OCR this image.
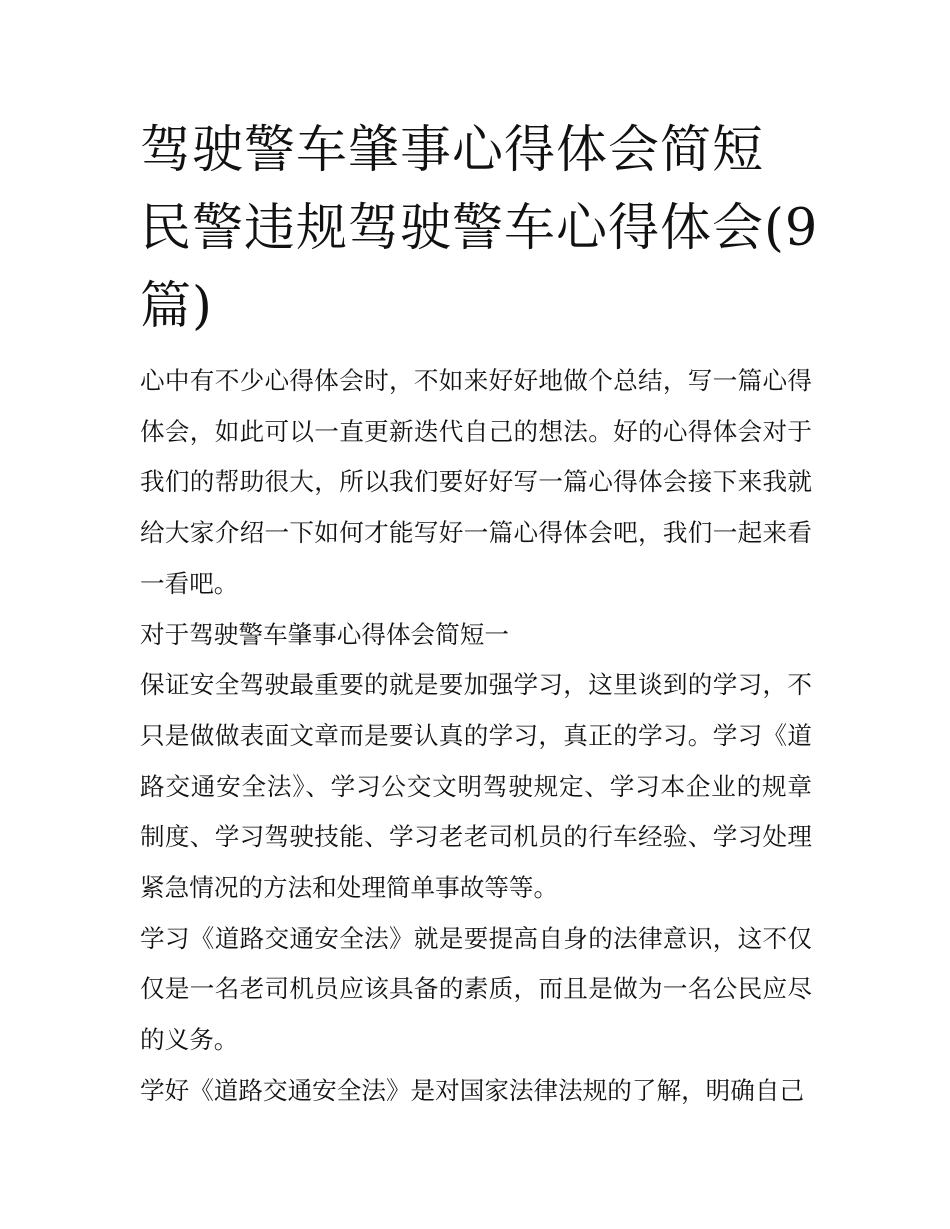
驾驶警车肇事心得体会简短 民警违规驾驶警车心得体会(9篇)

心中有不少心得体会时，不如来好好地做个总结，写一篇心得体会，如此可以一直更新迭代自己的想法。好的心得体会对于我们的帮助很大，所以我们要好好写一篇心得体会接下来我就给大家介绍一下如何才能写好一篇心得体会吧，我们一起来看一看吧。

对于驾驶警车肇事心得体会简短一

保证安全驾驶最重要的就是要加强学习，这里谈到的学习，不只是做做表面文章而是要认真的学习，真正的学习。学习《道路交通安全法》、学习公交文明驾驶规定、学习本企业的规章制度、学习驾驶技能、学习老老司机员的行车经验、学习处理紧急情况的方法和处理简单事故等等。

学习《道路交通安全法》就是要提高自身的法律意识，这不仅仅是一名老司机员应该具备的素质，而且是做为一名公民应尽的义务。

学好《道路交通安全法》是对国家法律法规的了解，明确自己
